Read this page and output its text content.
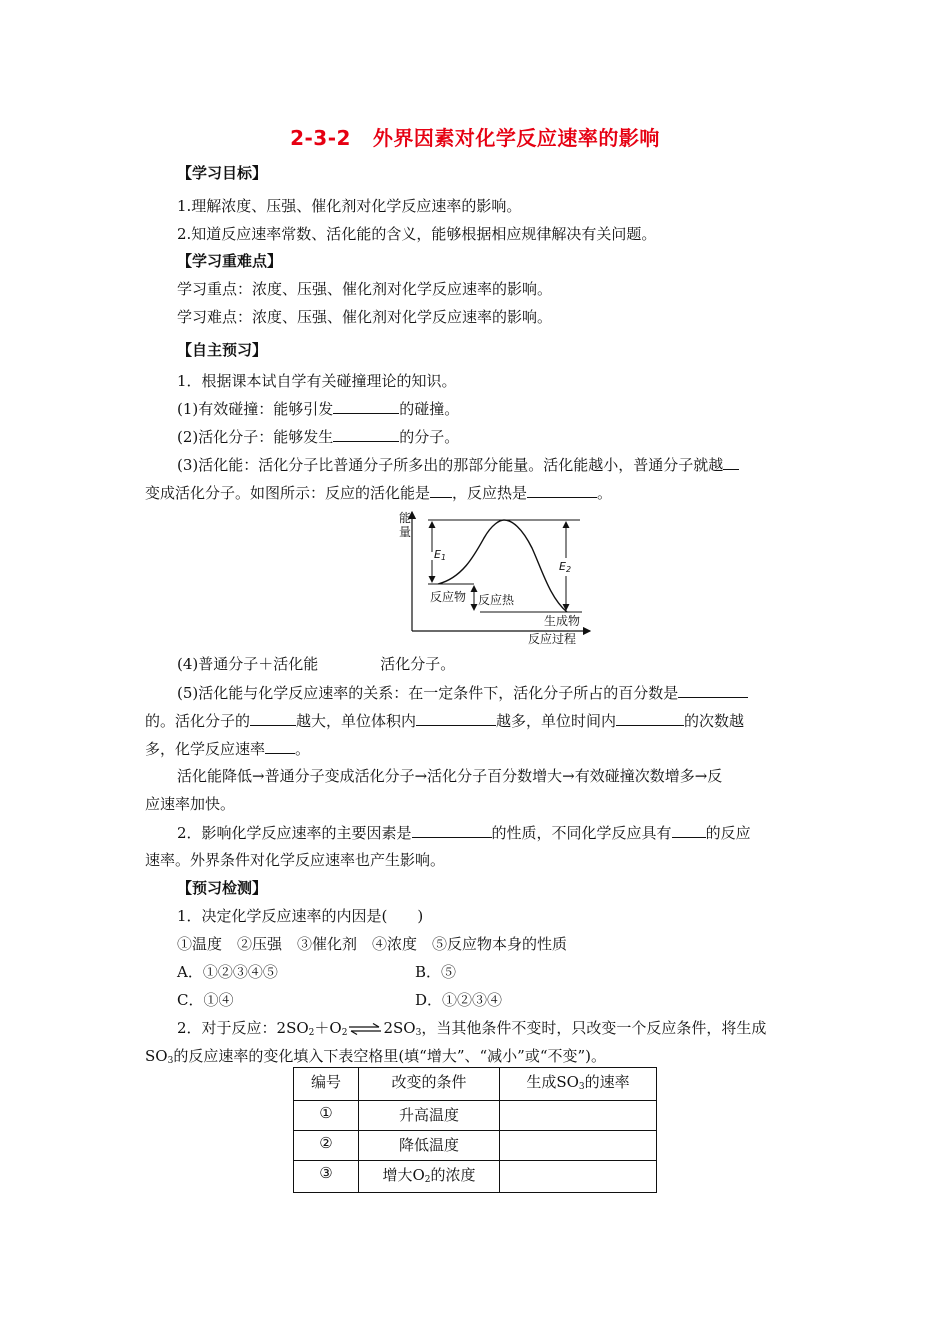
2-3-2 外界因素对化学反应速率的影响
【学习目标】
1.理解浓度、压强、催化剂对化学反应速率的影响。
2.知道反应速率常数、活化能的含义，能够根据相应规律解决有关问题。
【学习重难点】
学习重点：浓度、压强、催化剂对化学反应速率的影响。
学习难点：浓度、压强、催化剂对化学反应速率的影响。
【自主预习】
1．根据课本试自学有关碰撞理论的知识。
(1)有效碰撞：能够引发	的碰撞。
(2)活化分子：能够发生	的分子。
(3)活化能：活化分子比普通分子所多出的那部分能量。活化能越小，普通分子就越
变成活化分子。如图所示：反应的活化能是 ，反应热是	。
能
量
E1
E2
反应物 反应热
生成物
反应过程
(4)普通分子＋活化能	活化分子。
(5)活化能与化学反应速率的关系：在一定条件下，活化分子所占的百分数是
的。活化分子的	越大，单位体积内	越多，单位时间内	的次数越
多，化学反应速率 。
活化能降低→普通分子变成活化分子→活化分子百分数增大→有效碰撞次数增多→反
应速率加快。
2．影响化学反应速率的主要因素是	的性质，不同化学反应具有 的反应
速率。外界条件对化学反应速率也产生影响。
【预习检测】
1．决定化学反应速率的内因是(　　)
①温度　②压强　③催化剂　④浓度　⑤反应物本身的性质
A．①②③④⑤	B．⑤
C．①④	D．①②③④
2．对于反应：$2SO_2+O_2\rightleftharpoons 2SO_3$，当其他条件不变时，只改变一个反应条件，将生成
$SO_3$的反应速率的变化填入下表空格里(填“增大”、“减小”或“不变”)。
编号	改变的条件	生成$SO_3$的速率
①	升高温度	
②	降低温度	
③	增大$O_2$的浓度	
